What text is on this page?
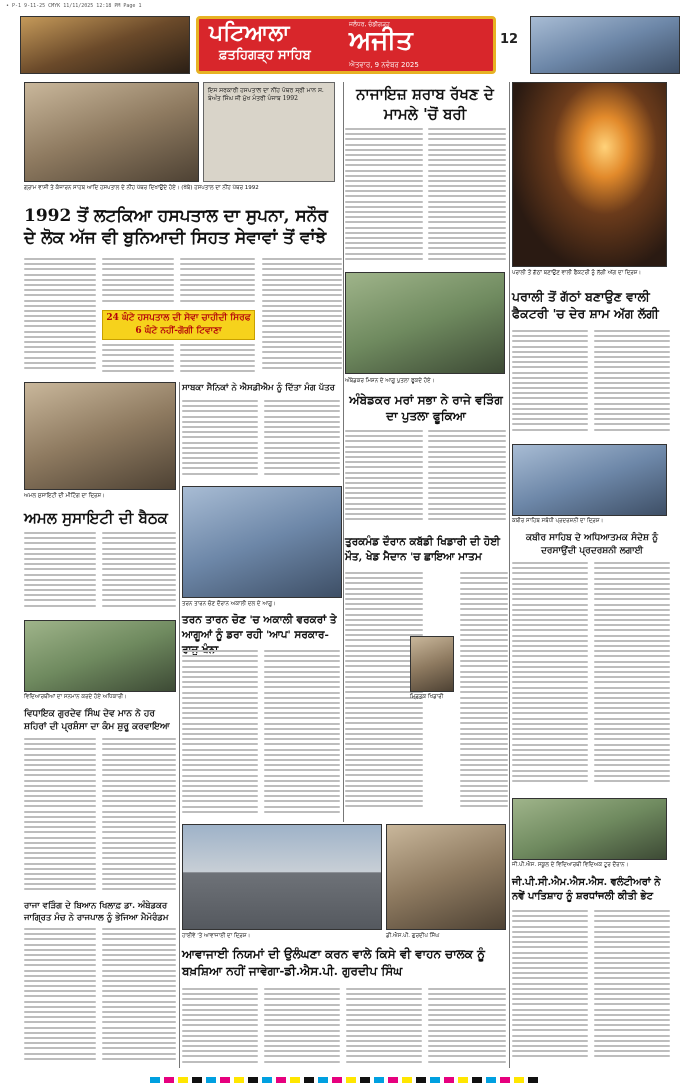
• P-1 9-11-25 CMYK 11/11/2025 12:18 PM Page 1
ਪਟਿਆਲਾ
ਫ਼ਤਹਿਗੜ੍ਹ ਸਾਹਿਬ
ਜਲੰਧਰ, ਚੰਡੀਗੜ੍ਹ
ਅਜੀਤ
ਐਤਵਾਰ, 9 ਨਵੰਬਰ 2025
12
ਇਸ ਸਰਕਾਰੀ ਹਸਪਤਾਲ ਦਾ ਨੀਂਹ ਪੱਥਰ ਸ੍ਰੀ ਮਾਨ ਸ. ਬੇਅੰਤ ਸਿੰਘ ਜੀ ਮੁੱਖ ਮੰਤਰੀ ਪੰਜਾਬ 1992
ਗ੍ਰਾਮ ਵਾਸੀ ਤੇ ਕੰਜਾਰਨ ਸਾਹਬ ਆਦਿ ਹਸਪਤਾਲ ਦੇ ਨੀਂਹ ਪੱਥਰ ਦਿਖਾਉਂਦੇ ਹੋਏ। (ਖੱਬੇ) ਹਸਪਤਾਲ ਦਾ ਨੀਂਹ ਪੱਥਰ 1992
1992 ਤੋਂ ਲਟਕਿਆ ਹਸਪਤਾਲ ਦਾ ਸੁਪਨਾ, ਸਨੌਰ ਦੇ ਲੋਕ ਅੱਜ ਵੀ ਬੁਨਿਆਦੀ ਸਿਹਤ ਸੇਵਾਵਾਂ ਤੋਂ ਵਾਂਝੇ
24 ਘੰਟੇ ਹਸਪਤਾਲ ਦੀ ਸੇਵਾ ਚਾਹੀਦੀ ਸਿਰਫ 6 ਘੰਟੇ ਨਹੀਂ-ਗੋਗੀ ਟਿਵਾਣਾ
ਨਾਜਾਇਜ਼ ਸ਼ਰਾਬ ਰੱਖਣ ਦੇ ਮਾਮਲੇ 'ਚੋਂ ਬਰੀ
ਪਰਾਲੀ ਤੋਂ ਗੱਠਾਂ ਬਣਾਉਣ ਵਾਲੀ ਫੈਕਟਰੀ ਨੂੰ ਲੱਗੀ ਅੱਗ ਦਾ ਦ੍ਰਿਸ਼।
ਪਰਾਲੀ ਤੋਂ ਗੱਠਾਂ ਬਣਾਉਣ ਵਾਲੀ ਫੈਕਟਰੀ 'ਚ ਦੇਰ ਸ਼ਾਮ ਅੱਗ ਲੱਗੀ
ਅੰਬੇਡਕਰ ਮਿਸ਼ਨ ਦੇ ਆਗੂ ਪੁਤਲਾ ਫੂਕਦੇ ਹੋਏ।
ਅੰਬੇਡਕਰ ਮਰਾਂ ਸਭਾ ਨੇ ਰਾਜੇ ਵੜਿੰਗ ਦਾ ਪੁਤਲਾ ਫੂਕਿਆ
ਅਮਲ ਸੁਸਾਇਟੀ ਦੀ ਮੀਟਿੰਗ ਦਾ ਦ੍ਰਿਸ਼।
ਅਮਲ ਸੁਸਾਇਟੀ ਦੀ ਬੈਠਕ
ਸਾਬਕਾ ਸੈਨਿਕਾਂ ਨੇ ਐਸਡੀਐਮ ਨੂੰ ਦਿੱਤਾ ਮੰਗ ਪੱਤਰ
ਤਰਨ ਤਾਰਨ ਚੋਣ ਦੌਰਾਨ ਅਕਾਲੀ ਦਲ ਦੇ ਆਗੂ।
ਤਰਨ ਤਾਰਨ ਚੋਣ 'ਚ ਅਕਾਲੀ ਵਰਕਰਾਂ ਤੇ ਆਗੂਆਂ ਨੂੰ ਡਰਾ ਰਹੀ 'ਆਪ' ਸਰਕਾਰ-
ਤੁਰਕਮੰਡ ਦੌਰਾਨ ਕਬੱਡੀ ਖਿਡਾਰੀ ਦੀ ਹੋਈ ਮੌਤ, ਖੇਡ ਮੈਦਾਨ 'ਚ ਛਾਇਆ ਮਾਤਮ
ਮ੍ਰਿਤਕ ਖਿਡਾਰੀ
ਕਬੀਰ ਸਾਹਿਬ ਸਬੰਧੀ ਪ੍ਰਦਰਸ਼ਨੀ ਦਾ ਦ੍ਰਿਸ਼।
ਕਬੀਰ ਸਾਹਿਬ ਦੇ ਅਧਿਆਤਮਕ ਸੰਦੇਸ਼ ਨੂੰ ਦਰਸਾਉਂਦੀ ਪ੍ਰਦਰਸ਼ਨੀ ਲਗਾਈ
ਵਿਦਿਆਰਥੀਆਂ ਦਾ ਸਨਮਾਨ ਕਰਦੇ ਹੋਏ ਅਧਿਕਾਰੀ।
ਵਿਧਾਇਕ ਗੁਰਦੇਵ ਸਿੰਘ ਦੇਵ ਮਾਨ ਨੇ ਹਰ ਸ਼ਹਿਰਾਂ ਦੀ ਪ੍ਰਸ਼ੰਸਾ ਦਾ ਕੰਮ ਸ਼ੁਰੂ ਕਰਵਾਇਆ
ਰਾਜਾ ਵੜਿੰਗ ਦੇ ਬਿਆਨ ਖਿਲਾਫ਼ ਡਾ. ਅੰਬੇਡਕਰ ਜਾਗ੍ਰਿਤ ਮੰਚ ਨੇ ਰਾਜਪਾਲ ਨੂੰ ਭੇਜਿਆ ਮੈਮੋਰੰਡਮ
ਹਾਈਵੇ 'ਤੇ ਆਵਾਜਾਈ ਦਾ ਦ੍ਰਿਸ਼।	ਡੀ.ਐਸ.ਪੀ. ਗੁਰਦੀਪ ਸਿੰਘ
ਆਵਾਜਾਈ ਨਿਯਮਾਂ ਦੀ ਉਲੰਘਣਾ ਕਰਨ ਵਾਲੇ ਕਿਸੇ ਵੀ ਵਾਹਨ ਚਾਲਕ ਨੂੰ ਬਖ਼ਸ਼ਿਆ ਨਹੀਂ ਜਾਵੇਗਾ-ਡੀ.ਐਸ.ਪੀ. ਗੁਰਦੀਪ ਸਿੰਘ
ਜੀ.ਪੀ.ਐਸ. ਸਕੂਲ ਦੇ ਵਿਦਿਆਰਥੀ ਵਿਦਿਅਕ ਟੂਰ ਦੌਰਾਨ।
ਜੀ.ਪੀ.ਸੀ.ਐਮ.ਐਸ.ਐਸ. ਵਲੰਟੀਅਰਾਂ ਨੇ ਨਵੇਂ ਪਾਤਿਸ਼ਾਹ ਨੂੰ ਸ਼ਰਧਾਂਜਲੀ ਕੀਤੀ ਭੇਟ
